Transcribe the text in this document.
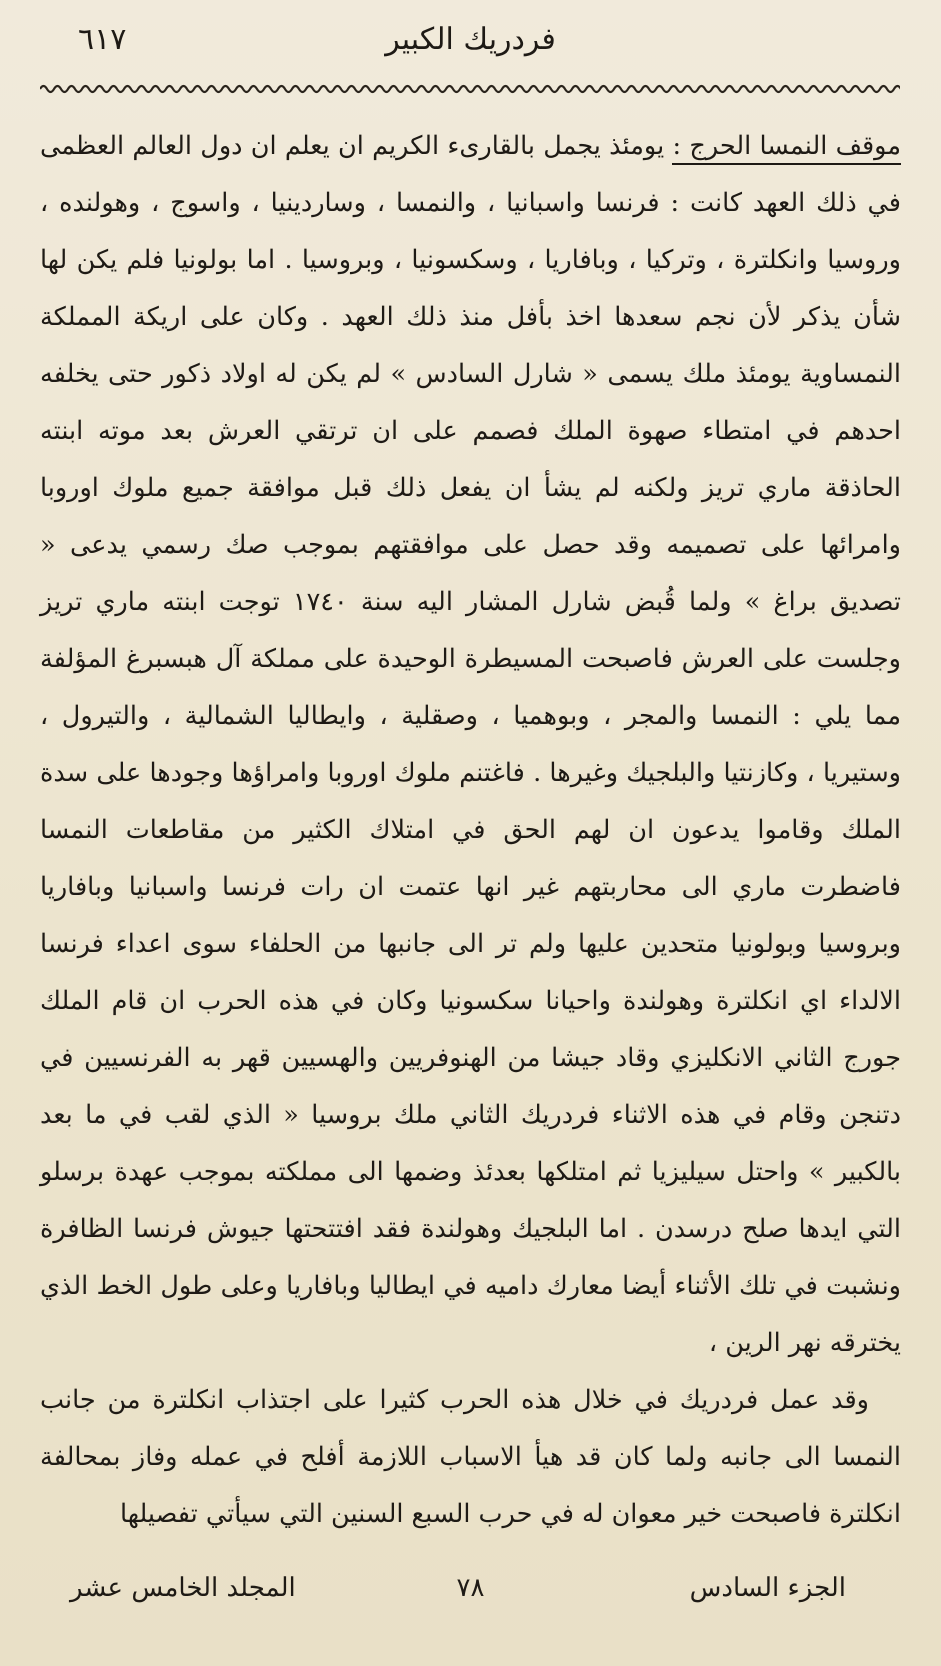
٦١٧	فردريك الكبير

موقف النمسا الحرج : يومئذ يجمل بالقارىء الكريم ان يعلم ان دول العالم العظمى في ذلك العهد كانت : فرنسا واسبانيا ، والنمسا ، وساردينيا ، واسوج ، وهولنده ، وروسيا وانكلترة ، وتركيا ، وبافاريا ، وسكسونيا ، وبروسيا . اما بولونيا فلم يكن لها شأن يذكر لأن نجم سعدها اخذ بأفل منذ ذلك العهد . وكان على اريكة المملكة النمساوية يومئذ ملك يسمى « شارل السادس » لم يكن له اولاد ذكور حتى يخلفه احدهم في امتطاء صهوة الملك فصمم على ان ترتقي العرش بعد موته ابنته الحاذقة ماري تريز ولكنه لم يشأ ان يفعل ذلك قبل موافقة جميع ملوك اوروبا وامرائها على تصميمه وقد حصل على موافقتهم بموجب صك رسمي يدعى « تصديق براغ » ولما قُبض شارل المشار اليه سنة ١٧٤٠ توجت ابنته ماري تريز وجلست على العرش فاصبحت المسيطرة الوحيدة على مملكة آل هبسبرغ المؤلفة مما يلي : النمسا والمجر ، وبوهميا ، وصقلية ، وايطاليا الشمالية ، والتيرول ، وستيريا ، وكازنتيا والبلجيك وغيرها . فاغتنم ملوك اوروبا وامراؤها وجودها على سدة الملك وقاموا يدعون ان لهم الحق في امتلاك الكثير من مقاطعات النمسا فاضطرت ماري الى محاربتهم غير انها عتمت ان رات فرنسا واسبانيا وبافاريا وبروسيا وبولونيا متحدين عليها ولم تر الى جانبها من الحلفاء سوى اعداء فرنسا الالداء اي انكلترة وهولندة واحيانا سكسونيا وكان في هذه الحرب ان قام الملك جورج الثاني الانكليزي وقاد جيشا من الهنوفريين والهسيين قهر به الفرنسيين في دتنجن وقام في هذه الاثناء فردريك الثاني ملك بروسيا « الذي لقب في ما بعد بالكبير » واحتل سيليزيا ثم امتلكها بعدئذ وضمها الى مملكته بموجب عهدة برسلو التي ايدها صلح درسدن . اما البلجيك وهولندة فقد افتتحتها جيوش فرنسا الظافرة ونشبت في تلك الأثناء أيضا معارك داميه في ايطاليا وبافاريا وعلى طول الخط الذي يخترقه نهر الرين ،

وقد عمل فردريك في خلال هذه الحرب كثيرا على اجتذاب انكلترة من جانب النمسا الى جانبه ولما كان قد هيأ الاسباب اللازمة أفلح في عمله وفاز بمحالفة انكلترة فاصبحت خير معوان له في حرب السبع السنين التي سيأتي تفصيلها

الجزء السادس
٧٨
المجلد الخامس عشر
